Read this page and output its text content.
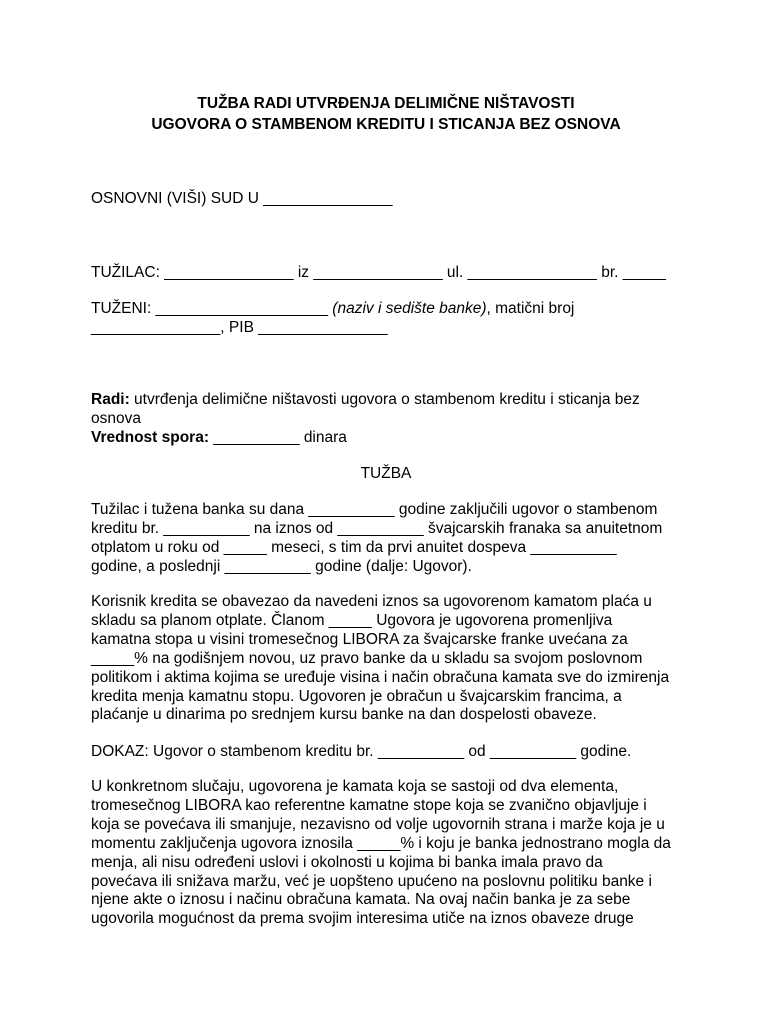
TUŽBA RADI UTVRĐENJA DELIMIČNE NIŠTAVOSTI
UGOVORA O STAMBENOM KREDITU I STICANJA BEZ OSNOVA
OSNOVNI (VIŠI) SUD U _______________
TUŽILAC: _______________ iz _______________ ul. _______________ br. _____
TUŽENI: ____________________ (naziv i sedište banke), matični broj
_______________, PIB _______________
Radi: utvrđenja delimične ništavosti ugovora o stambenom kreditu i sticanja bez
osnova
Vrednost spora: __________ dinara
TUŽBA
Tužilac i tužena banka su dana __________ godine zaključili ugovor o stambenom
kreditu br. __________ na iznos od __________ švajcarskih franaka sa anuitetnom
otplatom u roku od _____ meseci, s tim da prvi anuitet dospeva __________
godine, a poslednji __________ godine (dalje: Ugovor).
Korisnik kredita se obavezao da navedeni iznos sa ugovorenom kamatom plaća u
skladu sa planom otplate. Članom _____ Ugovora je ugovorena promenljiva
kamatna stopa u visini tromesečnog LIBORA za švajcarske franke uvećana za
_____% na godišnjem novou, uz pravo banke da u skladu sa svojom poslovnom
politikom i aktima kojima se uređuje visina i način obračuna kamata sve do izmirenja
kredita menja kamatnu stopu. Ugovoren je obračun u švajcarskim francima, a
plaćanje u dinarima po srednjem kursu banke na dan dospelosti obaveze.
DOKAZ: Ugovor o stambenom kreditu br. __________ od __________ godine.
U konkretnom slučaju, ugovorena je kamata koja se sastoji od dva elementa,
tromesečnog LIBORA kao referentne kamatne stope koja se zvanično objavljuje i
koja se povećava ili smanjuje, nezavisno od volje ugovornih strana i marže koja je u
momentu zaključenja ugovora iznosila _____% i koju je banka jednostrano mogla da
menja, ali nisu određeni uslovi i okolnosti u kojima bi banka imala pravo da
povećava ili snižava maržu, već je uopšteno upućeno na poslovnu politiku banke i
njene akte o iznosu i načinu obračuna kamata. Na ovaj način banka je za sebe
ugovorila mogućnost da prema svojim interesima utiče na iznos obaveze druge
